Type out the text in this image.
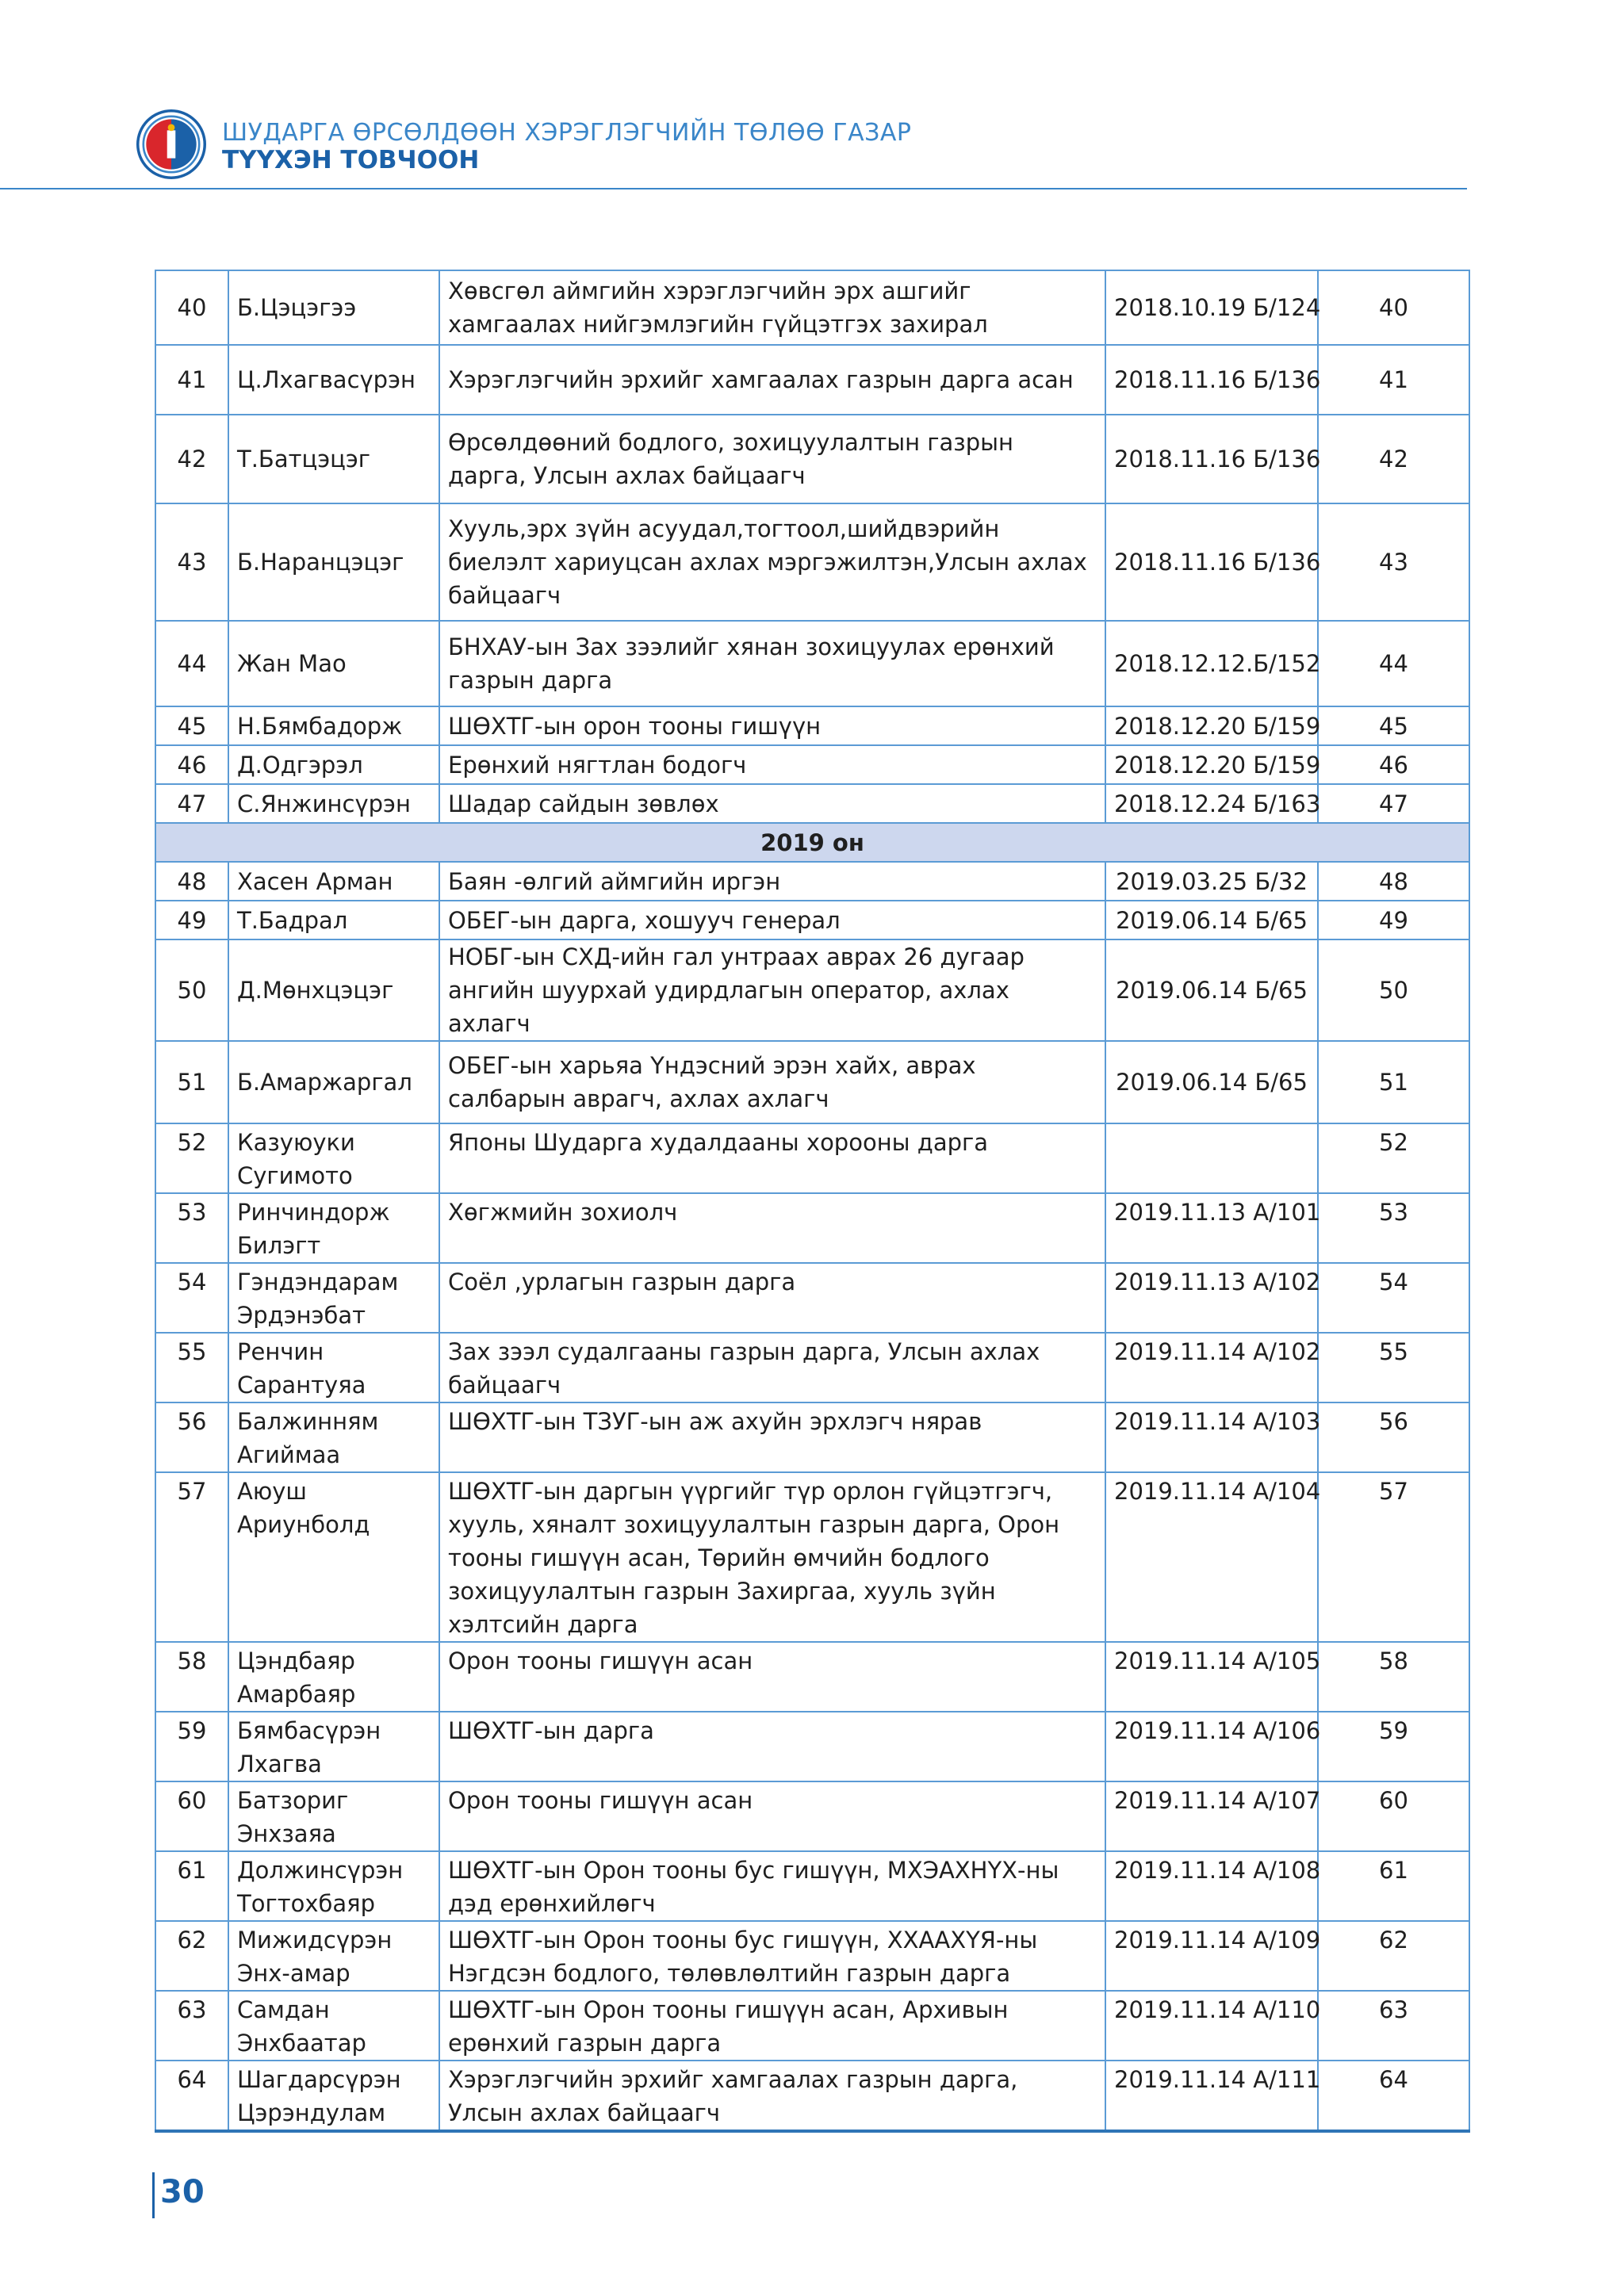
ШУДАРГА ӨРСӨЛДӨӨН ХЭРЭГЛЭГЧИЙН ТӨЛӨӨ ГАЗАР
ТҮҮХЭН ТОВЧООН
40	Б.Цэцэгээ	Хөвсгөл аймгийн хэрэглэгчийн эрх ашгийг хамгаалах нийгэмлэгийн гүйцэтгэх захирал	2018.10.19 Б/124	40
41	Ц.Лхагвасүрэн	Хэрэглэгчийн эрхийг хамгаалах газрын дарга асан	2018.11.16 Б/136	41
42	Т.Батцэцэг	Өрсөлдөөний бодлого, зохицуулалтын газрын дарга, Улсын ахлах байцаагч	2018.11.16 Б/136	42
43	Б.Наранцэцэг	Хууль,эрх зүйн асуудал,тогтоол,шийдвэрийн биелэлт хариуцсан ахлах мэргэжилтэн,Улсын ахлах байцаагч	2018.11.16 Б/136	43
44	Жан Мао	БНХАУ-ын Зах зээлийг хянан зохицуулах ерөнхий газрын дарга	2018.12.12.Б/152	44
45	Н.Бямбадорж	ШӨХТГ-ын орон тооны гишүүн	2018.12.20 Б/159	45
46	Д.Одгэрэл	Ерөнхий нягтлан бодогч	2018.12.20 Б/159	46
47	С.Янжинсүрэн	Шадар сайдын зөвлөх	2018.12.24 Б/163	47
2019 он				
48	Хасен Арман	Баян -өлгий аймгийн иргэн	2019.03.25 Б/32	48
49	Т.Бадрал	ОБЕГ-ын дарга, хошууч генерал	2019.06.14 Б/65	49
50	Д.Мөнхцэцэг	НОБГ-ын СХД-ийн гал унтраах аврах 26 дугаар ангийн шуурхай удирдлагын оператор, ахлах ахлагч	2019.06.14 Б/65	50
51	Б.Амаржаргал	ОБЕГ-ын харьяа Үндэсний эрэн хайх, аврах салбарын аврагч, ахлах ахлагч	2019.06.14 Б/65	51
52	Казуюуки
Сугимото	Японы Шударга худалдааны хорооны дарга		52
53	Ринчиндорж
Билэгт	Хөгжмийн зохиолч	2019.11.13 А/101	53
54	Гэндэндарам
Эрдэнэбат	Соёл ,урлагын газрын дарга	2019.11.13 А/102	54
55	Ренчин
Сарантуяа	Зах зээл судалгааны газрын дарга, Улсын ахлах байцаагч	2019.11.14 А/102	55
56	Балжинням
Агиймаа	ШӨХТГ-ын ТЗУГ-ын аж ахуйн эрхлэгч нярав	2019.11.14 А/103	56
57	Аюуш
Ариунболд	ШӨХТГ-ын даргын үүргийг түр орлон гүйцэтгэгч, хууль, хяналт зохицуулалтын газрын дарга, Орон тооны гишүүн асан, Төрийн өмчийн бодлого зохицуулалтын газрын Захиргаа, хууль зүйн хэлтсийн дарга	2019.11.14 А/104	57
58	Цэндбаяр
Амарбаяр	Орон тооны гишүүн асан	2019.11.14 А/105	58
59	Бямбасүрэн
Лхагва	ШӨХТГ-ын дарга	2019.11.14 А/106	59
60	Батзориг
Энхзаяа	Орон тооны гишүүн асан	2019.11.14 А/107	60
61	Должинсүрэн
Тогтохбаяр	ШӨХТГ-ын Орон тооны бус гишүүн, МХЭАХНҮХ-ны дэд ерөнхийлөгч	2019.11.14 А/108	61
62	Мижидсүрэн
Энх-амар	ШӨХТГ-ын Орон тооны бус гишүүн, ХХААХҮЯ-ны Нэгдсэн бодлого, төлөвлөлтийн газрын дарга	2019.11.14 А/109	62
63	Самдан
Энхбаатар	ШӨХТГ-ын Орон тооны гишүүн асан, Архивын ерөнхий газрын дарга	2019.11.14 А/110	63
64	Шагдарсүрэн
Цэрэндулам	Хэрэглэгчийн эрхийг хамгаалах газрын дарга, Улсын ахлах байцаагч	2019.11.14 А/111	64
30
